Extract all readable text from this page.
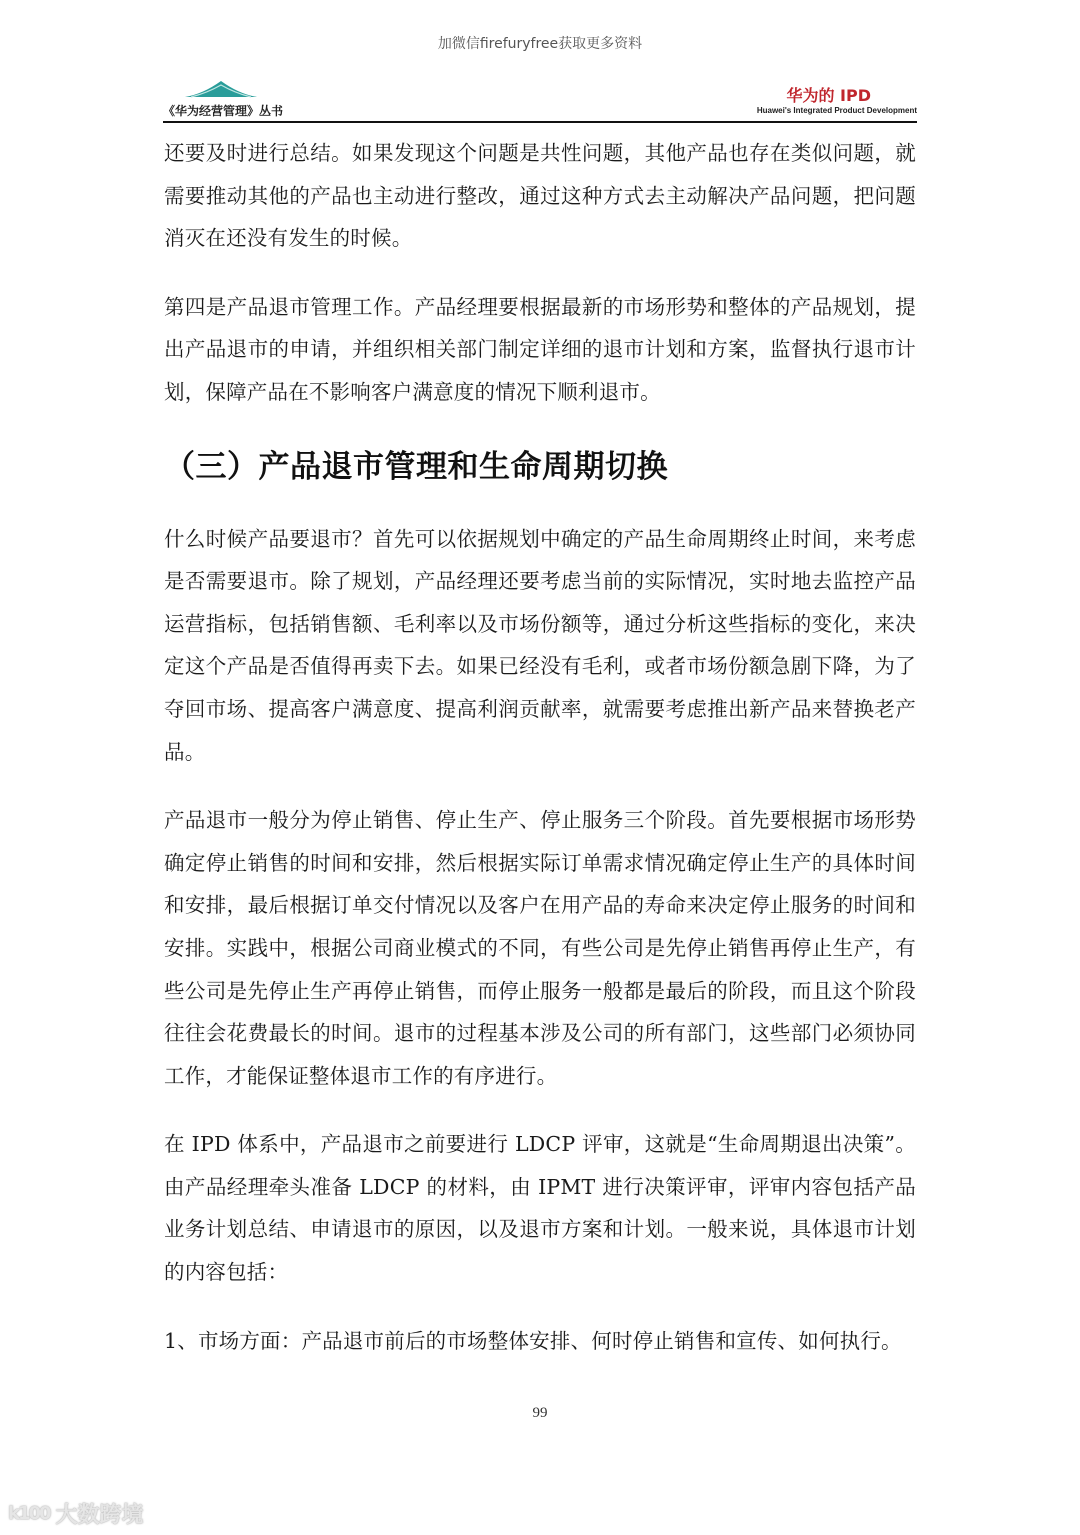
加微信firefuryfree获取更多资料
《华为经营管理》丛书
华为的 IPD
Huawei's Integrated Product Development

还要及时进行总结。如果发现这个问题是共性问题，其他产品也存在类似问题，就需要推动其他的产品也主动进行整改，通过这种方式去主动解决产品问题，把问题消灭在还没有发生的时候。

第四是产品退市管理工作。产品经理要根据最新的市场形势和整体的产品规划，提出产品退市的申请，并组织相关部门制定详细的退市计划和方案，监督执行退市计划，保障产品在不影响客户满意度的情况下顺利退市。

（三）产品退市管理和生命周期切换

什么时候产品要退市？首先可以依据规划中确定的产品生命周期终止时间，来考虑是否需要退市。除了规划，产品经理还要考虑当前的实际情况，实时地去监控产品运营指标，包括销售额、毛利率以及市场份额等，通过分析这些指标的变化，来决定这个产品是否值得再卖下去。如果已经没有毛利，或者市场份额急剧下降，为了夺回市场、提高客户满意度、提高利润贡献率，就需要考虑推出新产品来替换老产品。

产品退市一般分为停止销售、停止生产、停止服务三个阶段。首先要根据市场形势确定停止销售的时间和安排，然后根据实际订单需求情况确定停止生产的具体时间和安排，最后根据订单交付情况以及客户在用产品的寿命来决定停止服务的时间和安排。实践中，根据公司商业模式的不同，有些公司是先停止销售再停止生产，有些公司是先停止生产再停止销售，而停止服务一般都是最后的阶段，而且这个阶段往往会花费最长的时间。退市的过程基本涉及公司的所有部门，这些部门必须协同工作，才能保证整体退市工作的有序进行。

在 IPD 体系中，产品退市之前要进行 LDCP 评审，这就是“生命周期退出决策”。由产品经理牵头准备 LDCP 的材料，由 IPMT 进行决策评审，评审内容包括产品业务计划总结、申请退市的原因，以及退市方案和计划。一般来说，具体退市计划的内容包括：

1、市场方面：产品退市前后的市场整体安排、何时停止销售和宣传、如何执行。

99
k100 大数跨境
